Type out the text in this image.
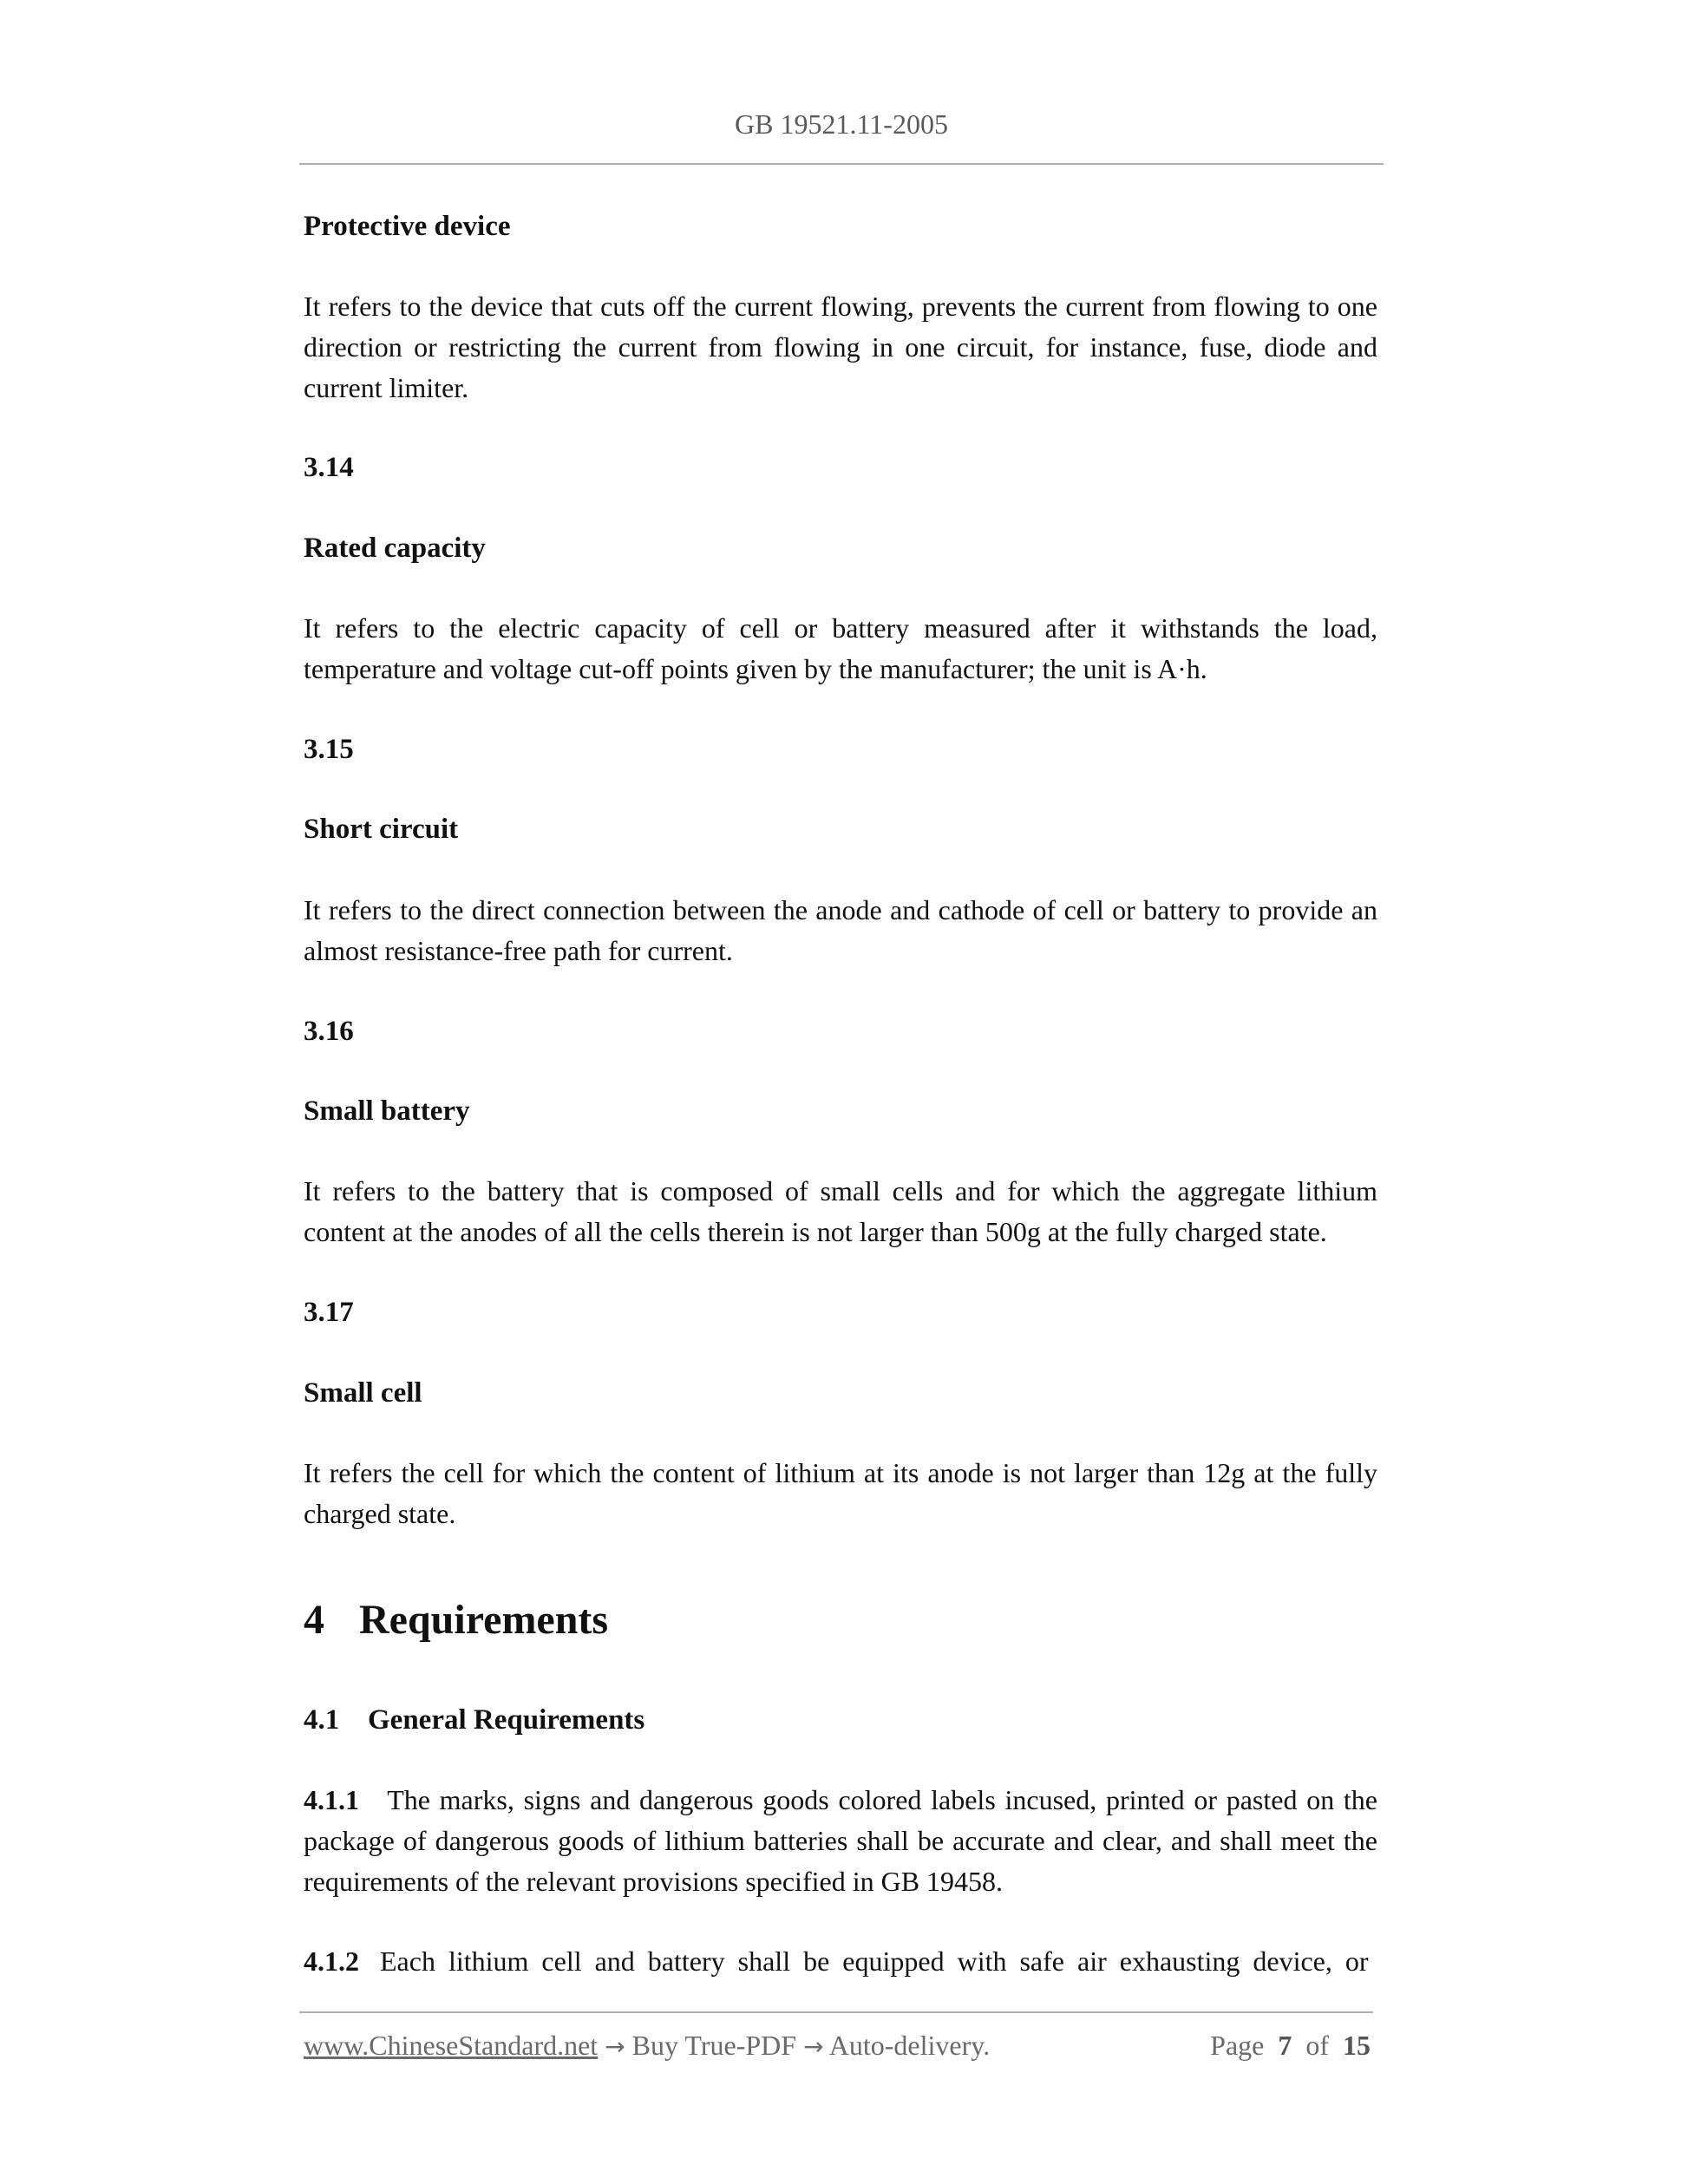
GB 19521.11-2005

Protective device

It refers to the device that cuts off the current flowing, prevents the current from flowing to one direction or restricting the current from flowing in one circuit, for instance, fuse, diode and current limiter.

3.14

Rated capacity

It refers to the electric capacity of cell or battery measured after it withstands the load, temperature and voltage cut-off points given by the manufacturer; the unit is A·h.

3.15

Short circuit

It refers to the direct connection between the anode and cathode of cell or battery to provide an almost resistance-free path for current.

3.16

Small battery

It refers to the battery that is composed of small cells and for which the aggregate lithium content at the anodes of all the cells therein is not larger than 500g at the fully charged state.

3.17

Small cell

It refers the cell for which the content of lithium at its anode is not larger than 12g at the fully charged state.

4 Requirements

4.1 General Requirements

4.1.1 The marks, signs and dangerous goods colored labels incused, printed or pasted on the package of dangerous goods of lithium batteries shall be accurate and clear, and shall meet the requirements of the relevant provisions specified in GB 19458.

4.1.2 Each lithium cell and battery shall be equipped with safe air exhausting device, or

www.ChineseStandard.net → Buy True-PDF → Auto-delivery.	Page 7 of 15
